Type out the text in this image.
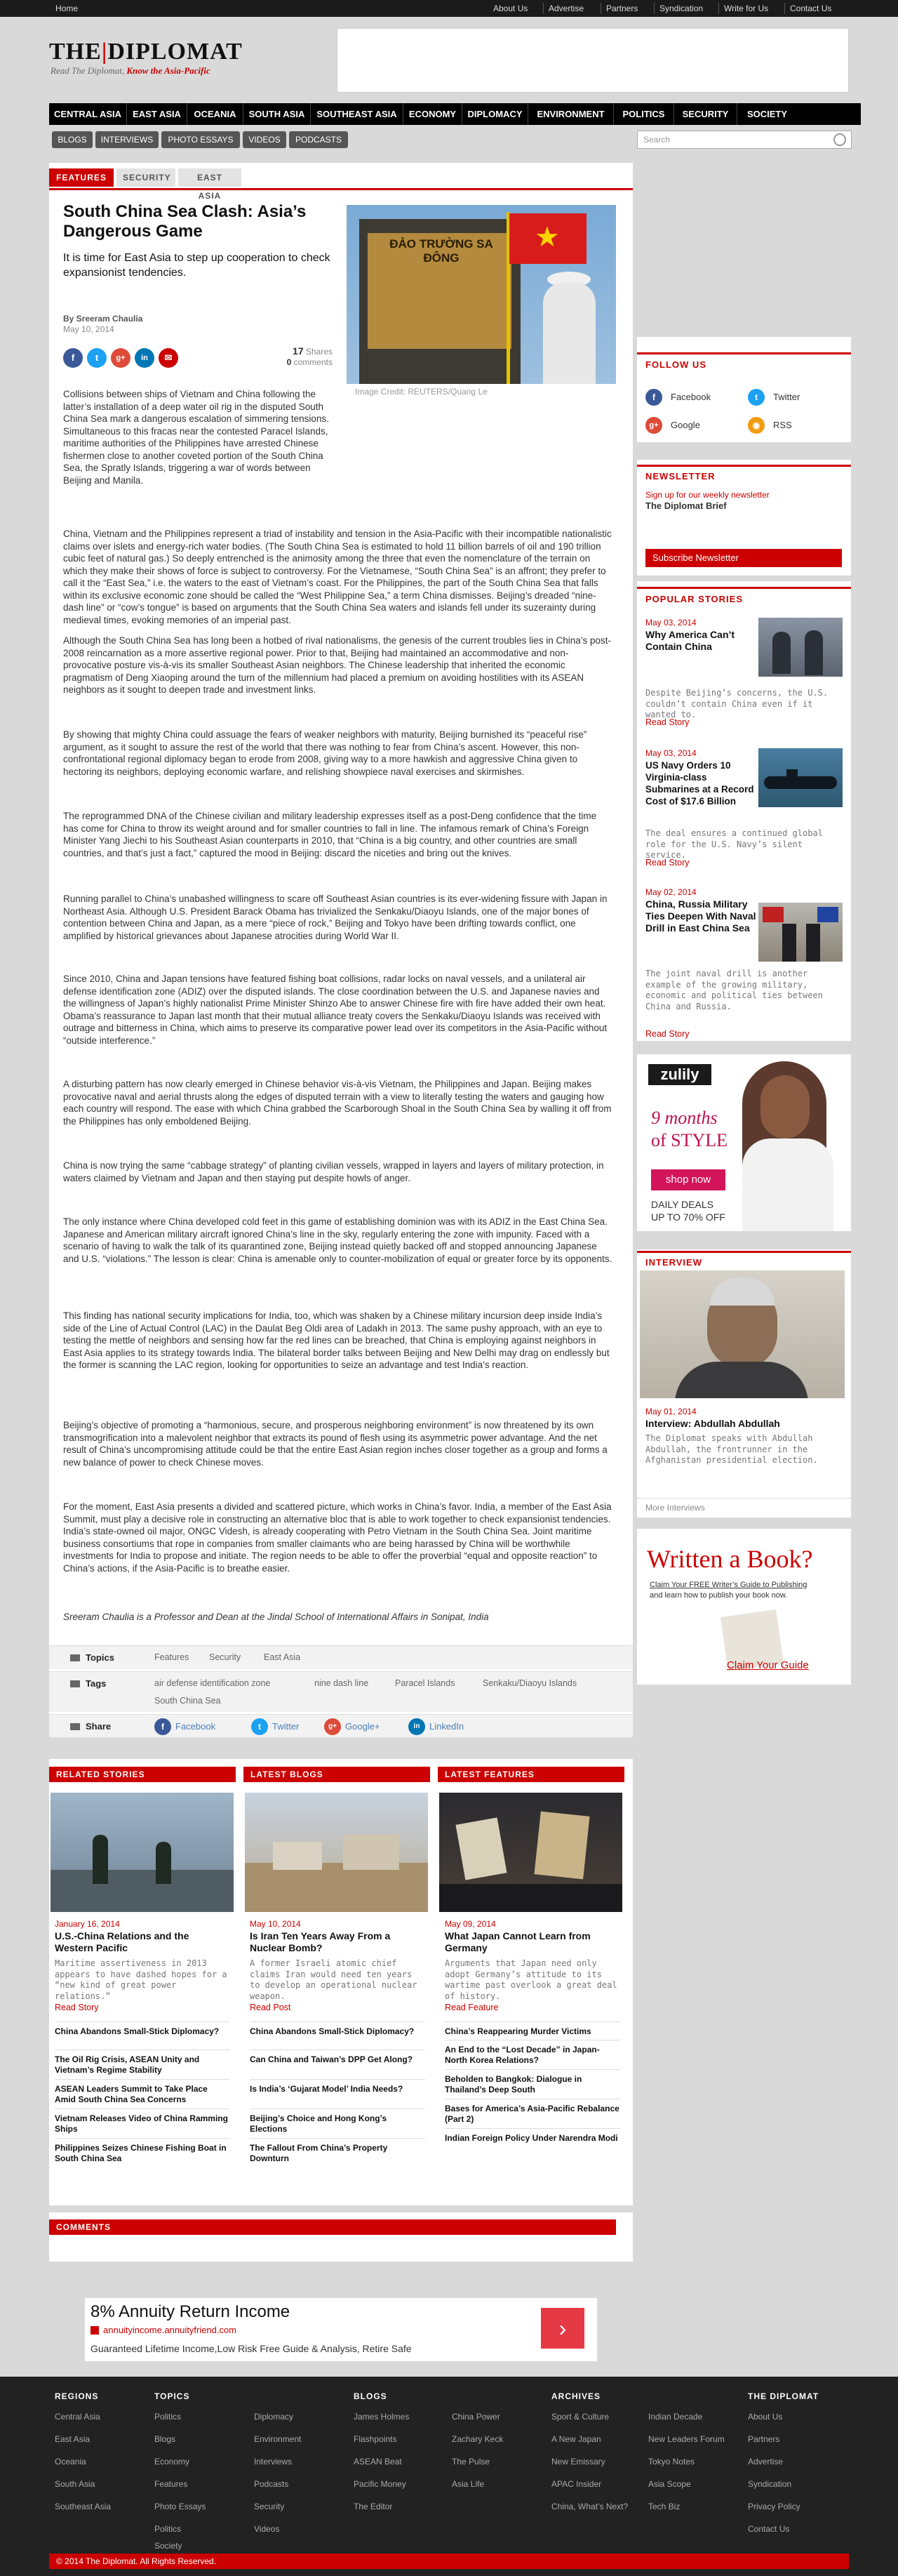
Home	About Us	Advertise	Partners	Syndication	Write for Us	Contact Us
THE|DIPLOMAT
Read The Diplomat, Know the Asia-Pacific
CENTRAL ASIA	EAST ASIA	OCEANIA	SOUTH ASIA	SOUTHEAST ASIA	ECONOMY	DIPLOMACY	ENVIRONMENT	POLITICS	SECURITY	SOCIETY
BLOGS	INTERVIEWS	PHOTO ESSAYS	VIDEOS	PODCASTS	Search
FEATURES	SECURITY	EAST ASIA
South China Sea Clash: Asia’s Dangerous Game
It is time for East Asia to step up cooperation to check expansionist tendencies.
By Sreeram Chaulia
May 10, 2014
f	t	g+	in	✉
17 Shares
0 comments
ĐẢO TRƯỜNG SA ĐÔNG
★
Image Credit: REUTERS/Quang Le

Collisions between ships of Vietnam and China following the latter’s installation of a deep water oil rig in the disputed South China Sea mark a dangerous escalation of simmering tensions. Simultaneous to this fracas near the contested Paracel Islands, maritime authorities of the Philippines have arrested Chinese fishermen close to another coveted portion of the South China Sea, the Spratly Islands, triggering a war of words between Beijing and Manila.

China, Vietnam and the Philippines represent a triad of instability and tension in the Asia-Pacific with their incompatible nationalistic claims over islets and energy-rich water bodies. (The South China Sea is estimated to hold 11 billion barrels of oil and 190 trillion cubic feet of natural gas.) So deeply entrenched is the animosity among the three that even the nomenclature of the terrain on which they make their shows of force is subject to controversy. For the Vietnamese, “South China Sea” is an affront; they prefer to call it the “East Sea,” i.e. the waters to the east of Vietnam’s coast. For the Philippines, the part of the South China Sea that falls within its exclusive economic zone should be called the “West Philippine Sea,” a term China dismisses. Beijing’s dreaded “nine-dash line” or “cow’s tongue” is based on arguments that the South China Sea waters and islands fell under its suzerainty during medieval times, evoking memories of an imperial past.

Although the South China Sea has long been a hotbed of rival nationalisms, the genesis of the current troubles lies in China’s post-2008 reincarnation as a more assertive regional power. Prior to that, Beijing had maintained an accommodative and non-provocative posture vis-à-vis its smaller Southeast Asian neighbors. The Chinese leadership that inherited the economic pragmatism of Deng Xiaoping around the turn of the millennium had placed a premium on avoiding hostilities with its ASEAN neighbors as it sought to deepen trade and investment links.

By showing that mighty China could assuage the fears of weaker neighbors with maturity, Beijing burnished its “peaceful rise” argument, as it sought to assure the rest of the world that there was nothing to fear from China’s ascent. However, this non-confrontational regional diplomacy began to erode from 2008, giving way to a more hawkish and aggressive China given to hectoring its neighbors, deploying economic warfare, and relishing showpiece naval exercises and skirmishes.

The reprogrammed DNA of the Chinese civilian and military leadership expresses itself as a post-Deng confidence that the time has come for China to throw its weight around and for smaller countries to fall in line. The infamous remark of China’s Foreign Minister Yang Jiechi to his Southeast Asian counterparts in 2010, that “China is a big country, and other countries are small countries, and that’s just a fact,” captured the mood in Beijing: discard the niceties and bring out the knives.

Running parallel to China’s unabashed willingness to scare off Southeast Asian countries is its ever-widening fissure with Japan in Northeast Asia. Although U.S. President Barack Obama has trivialized the Senkaku/Diaoyu Islands, one of the major bones of contention between China and Japan, as a mere “piece of rock,” Beijing and Tokyo have been drifting towards conflict, one amplified by historical grievances about Japanese atrocities during World War II.

Since 2010, China and Japan tensions have featured fishing boat collisions, radar locks on naval vessels, and a unilateral air defense identification zone (ADIZ) over the disputed islands. The close coordination between the U.S. and Japanese navies and the willingness of Japan’s highly nationalist Prime Minister Shinzo Abe to answer Chinese fire with fire have added their own heat. Obama’s reassurance to Japan last month that their mutual alliance treaty covers the Senkaku/Diaoyu Islands was received with outrage and bitterness in China, which aims to preserve its comparative power lead over its competitors in the Asia-Pacific without “outside interference.”

A disturbing pattern has now clearly emerged in Chinese behavior vis-à-vis Vietnam, the Philippines and Japan. Beijing makes provocative naval and aerial thrusts along the edges of disputed terrain with a view to literally testing the waters and gauging how each country will respond. The ease with which China grabbed the Scarborough Shoal in the South China Sea by walling it off from the Philippines has only emboldened Beijing.

China is now trying the same “cabbage strategy” of planting civilian vessels, wrapped in layers and layers of military protection, in waters claimed by Vietnam and Japan and then staying put despite howls of anger.

The only instance where China developed cold feet in this game of establishing dominion was with its ADIZ in the East China Sea. Japanese and American military aircraft ignored China’s line in the sky, regularly entering the zone with impunity. Faced with a scenario of having to walk the talk of its quarantined zone, Beijing instead quietly backed off and stopped announcing Japanese and U.S. “violations.” The lesson is clear: China is amenable only to counter-mobilization of equal or greater force by its opponents.

This finding has national security implications for India, too, which was shaken by a Chinese military incursion deep inside India’s side of the Line of Actual Control (LAC) in the Daulat Beg Oldi area of Ladakh in 2013. The same pushy approach, with an eye to testing the mettle of neighbors and sensing how far the red lines can be breached, that China is employing against neighbors in East Asia applies to its strategy towards India. The bilateral border talks between Beijing and New Delhi may drag on endlessly but the former is scanning the LAC region, looking for opportunities to seize an advantage and test India’s reaction.

Beijing’s objective of promoting a “harmonious, secure, and prosperous neighboring environment” is now threatened by its own transmogrification into a malevolent neighbor that extracts its pound of flesh using its asymmetric power advantage. And the net result of China’s uncompromising attitude could be that the entire East Asian region inches closer together as a group and forms a new balance of power to check Chinese moves.

For the moment, East Asia presents a divided and scattered picture, which works in China’s favor. India, a member of the East Asia Summit, must play a decisive role in constructing an alternative bloc that is able to work together to check expansionist tendencies. India’s state-owned oil major, ONGC Videsh, is already cooperating with Petro Vietnam in the South China Sea. Joint maritime business consortiums that rope in companies from smaller claimants who are being harassed by China will be worthwhile investments for India to propose and initiate. The region needs to be able to offer the proverbial “equal and opposite reaction” to China’s actions, if the Asia-Pacific is to breathe easier.

Sreeram Chaulia is a Professor and Dean at the Jindal School of International Affairs in Sonipat, India
Topics	Features Security	East Asia
Tags	air defense identification zone	nine dash line	Paracel Islands	Senkaku/Diaoyu Islands
South China Sea
Share	f	Facebook	t	Twitter	g+ Google+	in	LinkedIn
FOLLOW US
f	Facebook	t	Twitter
g+	Google	◉	RSS
NEWSLETTER
Sign up for our weekly newsletter
The Diplomat Brief
Subscribe Newsletter
POPULAR STORIES
May 03, 2014
Why America Can’t Contain China
Despite Beijing’s concerns, the U.S. couldn’t contain China even if it wanted to.
Read Story
May 03, 2014
US Navy Orders 10 Virginia-class Submarines at a Record Cost of $17.6 Billion
The deal ensures a continued global role for the U.S. Navy’s silent service.
Read Story
May 02, 2014
China, Russia Military Ties Deepen With Naval Drill in East China Sea
The joint naval drill is another example of the growing military, economic and political ties between China and Russia.
Read Story
zulily
9 months
of STYLE
shop now
DAILY DEALS
UP TO 70% OFF
INTERVIEW
May 01, 2014
Interview: Abdullah Abdullah
The Diplomat speaks with Abdullah Abdullah, the frontrunner in the Afghanistan presidential election.
More Interviews
Written a Book?
Claim Your FREE Writer’s Guide to Publishing
and learn how to publish your book now.
Claim Your Guide
RELATED STORIES
January 16, 2014
U.S.-China Relations and the Western Pacific
Maritime assertiveness in 2013 appears to have dashed hopes for a “new kind of great power relations.”
Read Story
China Abandons Small-Stick Diplomacy?
The Oil Rig Crisis, ASEAN Unity and Vietnam’s Regime Stability
ASEAN Leaders Summit to Take Place Amid South China Sea Concerns
Vietnam Releases Video of China Ramming Ships
Philippines Seizes Chinese Fishing Boat in South China Sea
LATEST BLOGS
May 10, 2014
Is Iran Ten Years Away From a Nuclear Bomb?
A former Israeli atomic chief claims Iran would need ten years to develop an operational nuclear weapon.
Read Post
China Abandons Small-Stick Diplomacy?
Can China and Taiwan’s DPP Get Along?
Is India’s ‘Gujarat Model’ India Needs?
Beijing’s Choice and Hong Kong’s Elections
The Fallout From China’s Property Downturn
LATEST FEATURES
May 09, 2014
What Japan Cannot Learn from Germany
Arguments that Japan need only adopt Germany’s attitude to its wartime past overlook a great deal of history.
Read Feature
China’s Reappearing Murder Victims
An End to the “Lost Decade” in Japan-North Korea Relations?
Beholden to Bangkok: Dialogue in Thailand’s Deep South
Bases for America’s Asia-Pacific Rebalance (Part 2)
Indian Foreign Policy Under Narendra Modi
COMMENTS
8% Annuity Return Income
annuityincome.annuityfriend.com
Guaranteed Lifetime Income,Low Risk Free Guide & Analysis, Retire Safe
›
REGIONS
Central Asia
East Asia
Oceania
South Asia
Southeast Asia
TOPICS
Politics
Blogs
Economy
Features
Photo Essays
Politics
Society
Diplomacy
Environment
Interviews
Podcasts
Security
Videos
BLOGS
James Holmes
Flashpoints
ASEAN Beat
Pacific Money
The Editor
China Power
Zachary Keck
The Pulse
Asia Life
ARCHIVES
Sport & Culture
A New Japan
New Emissary
APAC Insider
China, What’s Next?
Indian Decade
New Leaders Forum
Tokyo Notes
Asia Scope
Tech Biz
THE DIPLOMAT
About Us
Partners
Advertise
Syndication
Privacy Policy
Contact Us
© 2014 The Diplomat. All Rights Reserved.
